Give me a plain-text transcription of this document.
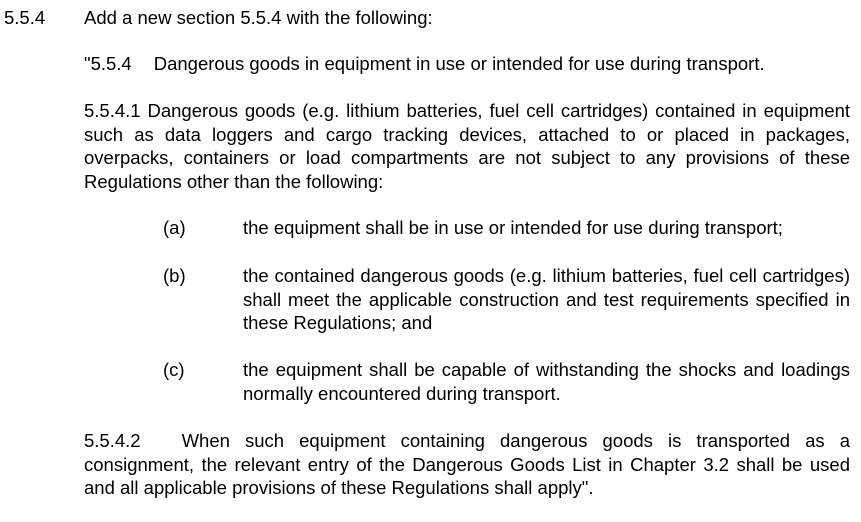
5.5.4 Add a new section 5.5.4 with the following:
"5.5.4 Dangerous goods in equipment in use or intended for use during transport.
5.5.4.1 Dangerous goods (e.g. lithium batteries, fuel cell cartridges) contained in equipment such as data loggers and cargo tracking devices, attached to or placed in packages, overpacks, containers or load compartments are not subject to any provisions of these Regulations other than the following:
(a)	the equipment shall be in use or intended for use during transport;
(b)	the contained dangerous goods (e.g. lithium batteries, fuel cell cartridges) shall meet the applicable construction and test requirements specified in these Regulations; and
(c)	the equipment shall be capable of withstanding the shocks and loadings normally encountered during transport.
5.5.4.2 When such equipment containing dangerous goods is transported as a consignment, the relevant entry of the Dangerous Goods List in Chapter 3.2 shall be used and all applicable provisions of these Regulations shall apply".
